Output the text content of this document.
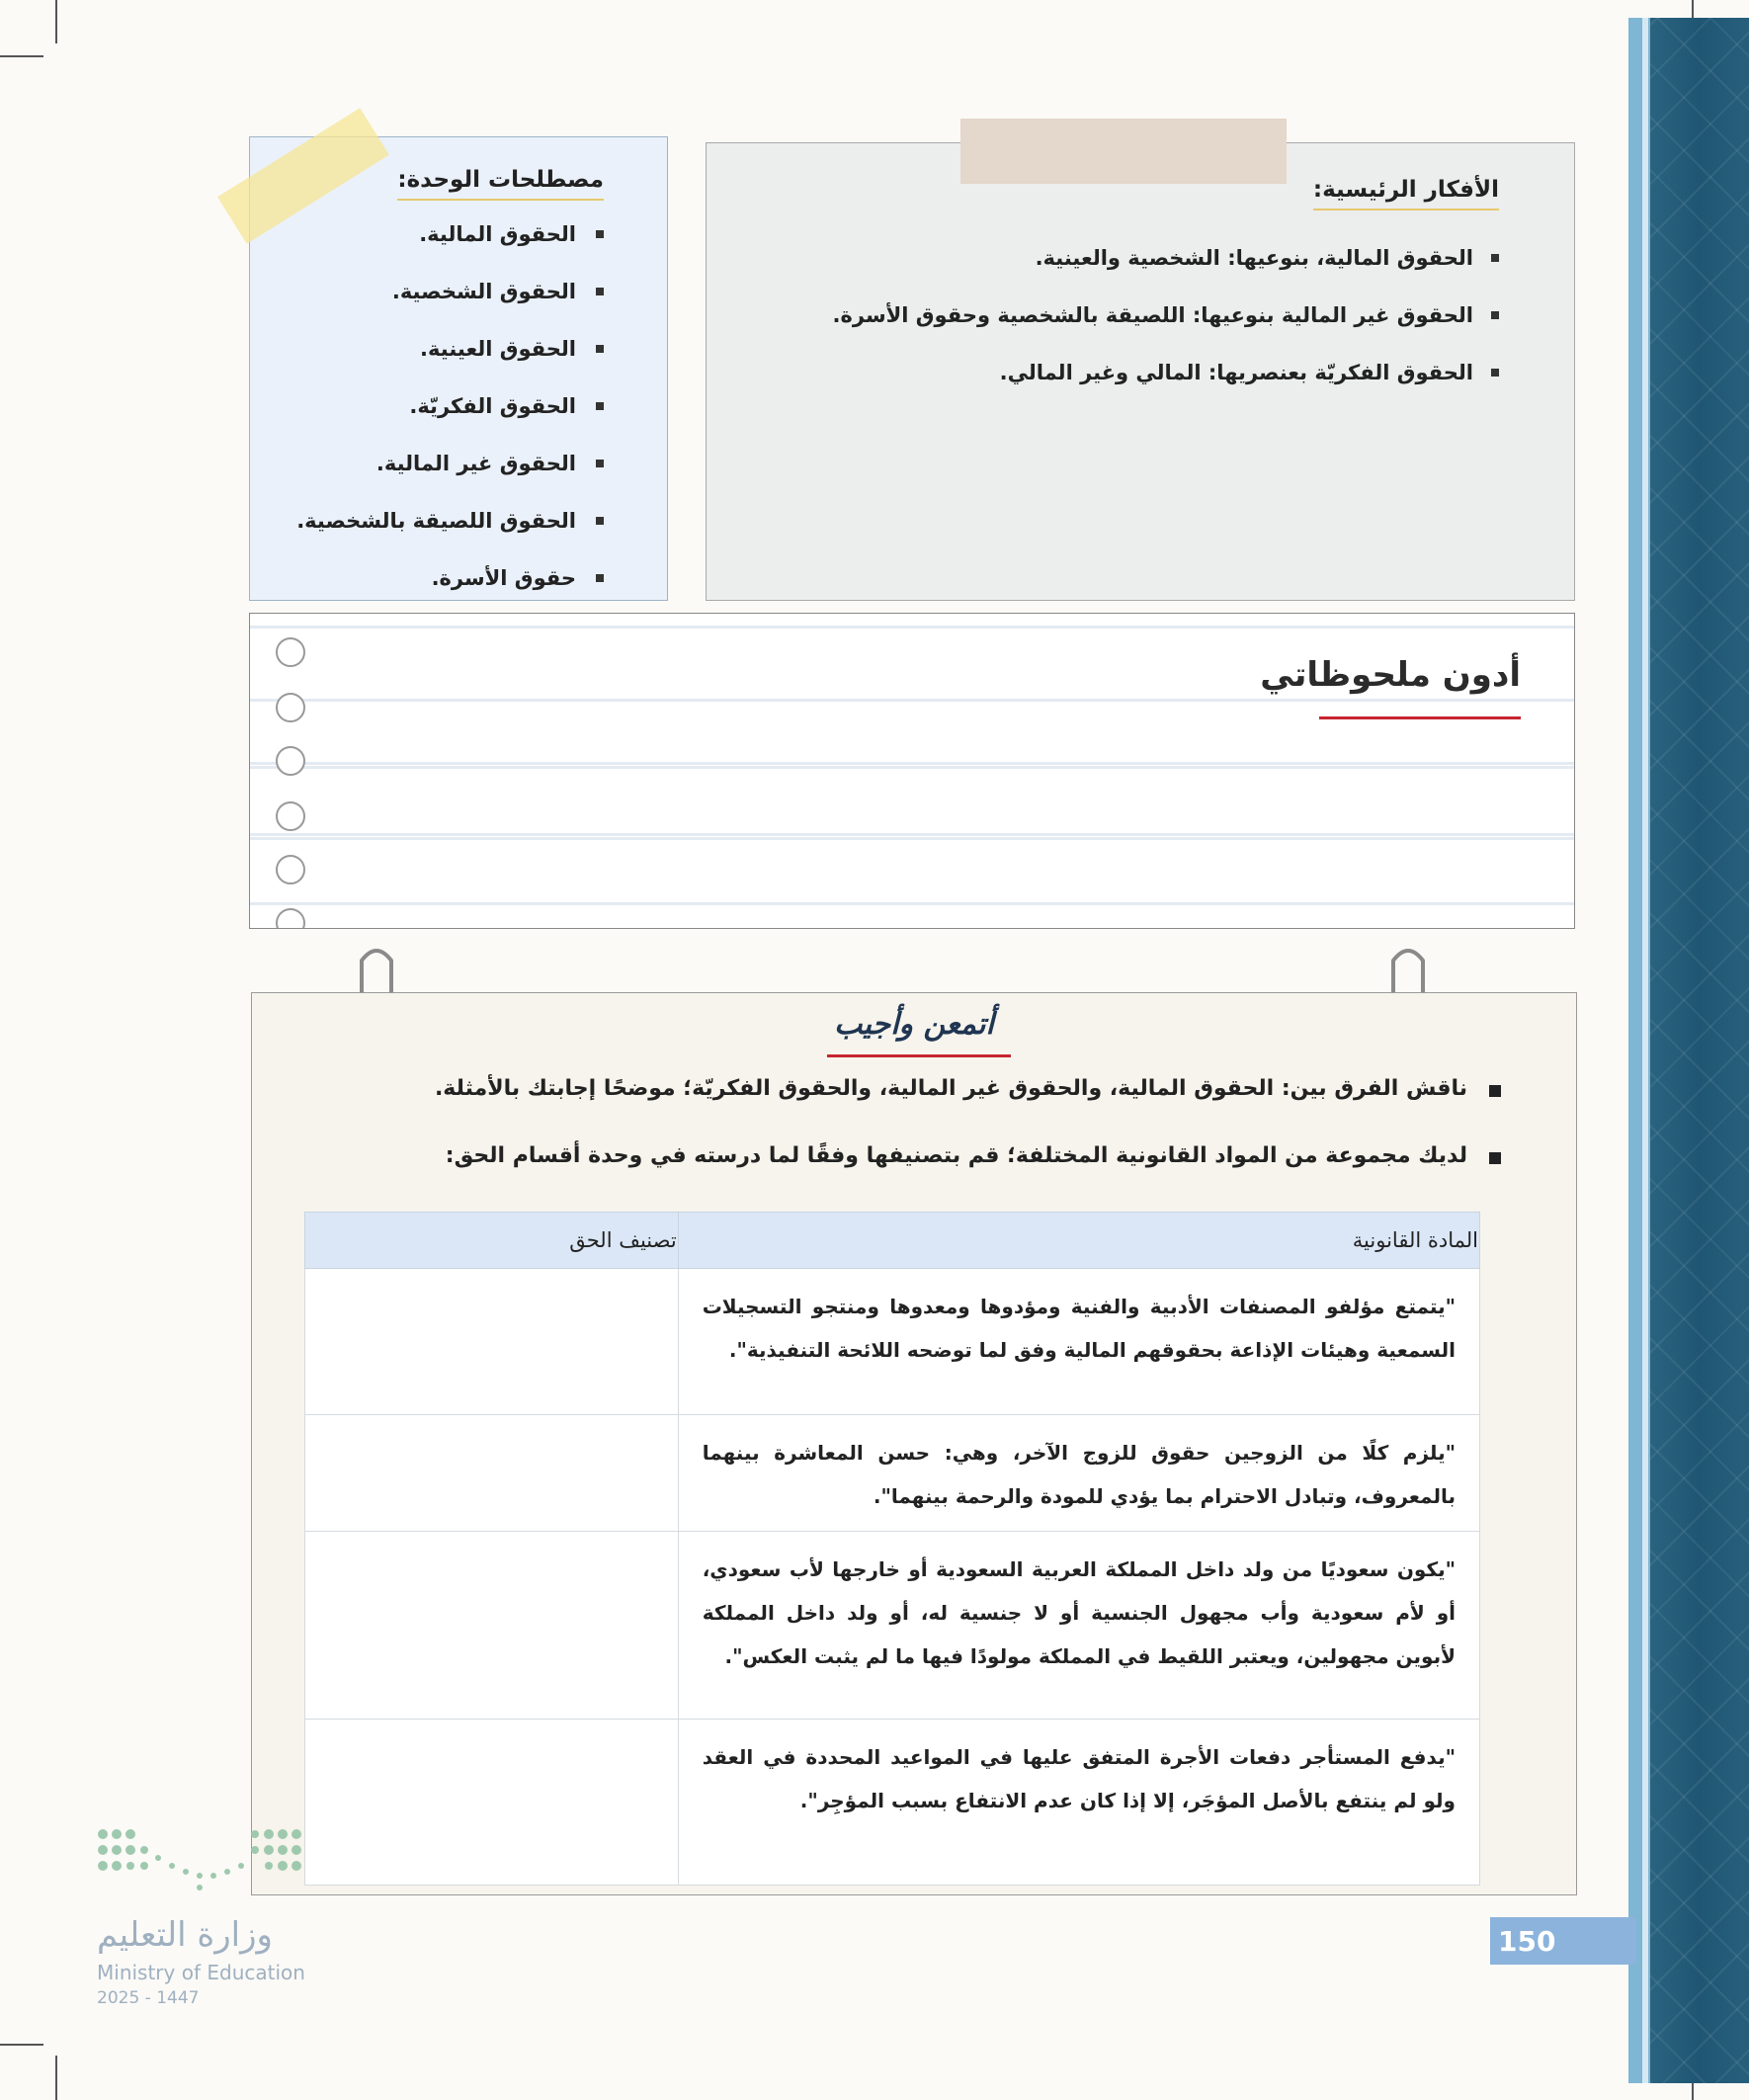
مصطلحات الوحدة:
الحقوق المالية.
الحقوق الشخصية.
الحقوق العينية.
الحقوق الفكريّة.
الحقوق غير المالية.
الحقوق اللصيقة بالشخصية.
حقوق الأسرة.
الأفكار الرئيسية:
الحقوق المالية، بنوعيها: الشخصية والعينية.
الحقوق غير المالية بنوعيها: اللصيقة بالشخصية وحقوق الأسرة.
الحقوق الفكريّة بعنصريها: المالي وغير المالي.
أدون ملحوظاتي
أتمعن وأجيب
ناقش الفرق بين: الحقوق المالية، والحقوق غير المالية، والحقوق الفكريّة؛ موضحًا إجابتك بالأمثلة.
لديك مجموعة من المواد القانونية المختلفة؛ قم بتصنيفها وفقًا لما درسته في وحدة أقسام الحق:
المادة القانونية	تصنيف الحق
"يتمتع مؤلفو المصنفات الأدبية والفنية ومؤدوها ومعدوها ومنتجو التسجيلات السمعية وهيئات الإذاعة بحقوقهم المالية وفق لما توضحه اللائحة التنفيذية".	
"يلزم كلًا من الزوجين حقوق للزوج الآخر، وهي: حسن المعاشرة بينهما بالمعروف، وتبادل الاحترام بما يؤدي للمودة والرحمة بينهما".	
"يكون سعوديًا من ولد داخل المملكة العربية السعودية أو خارجها لأب سعودي، أو لأم سعودية وأب مجهول الجنسية أو لا جنسية له، أو ولد داخل المملكة لأبوين مجهولين، ويعتبر اللقيط في المملكة مولودًا فيها ما لم يثبت العكس".	
"يدفع المستأجر دفعات الأجرة المتفق عليها في المواعيد المحددة في العقد ولو لم ينتفع بالأصل المؤجَر، إلا إذا كان عدم الانتفاع بسبب المؤجِر".	
150
وزارة التعليم
Ministry of Education
2025 - 1447
